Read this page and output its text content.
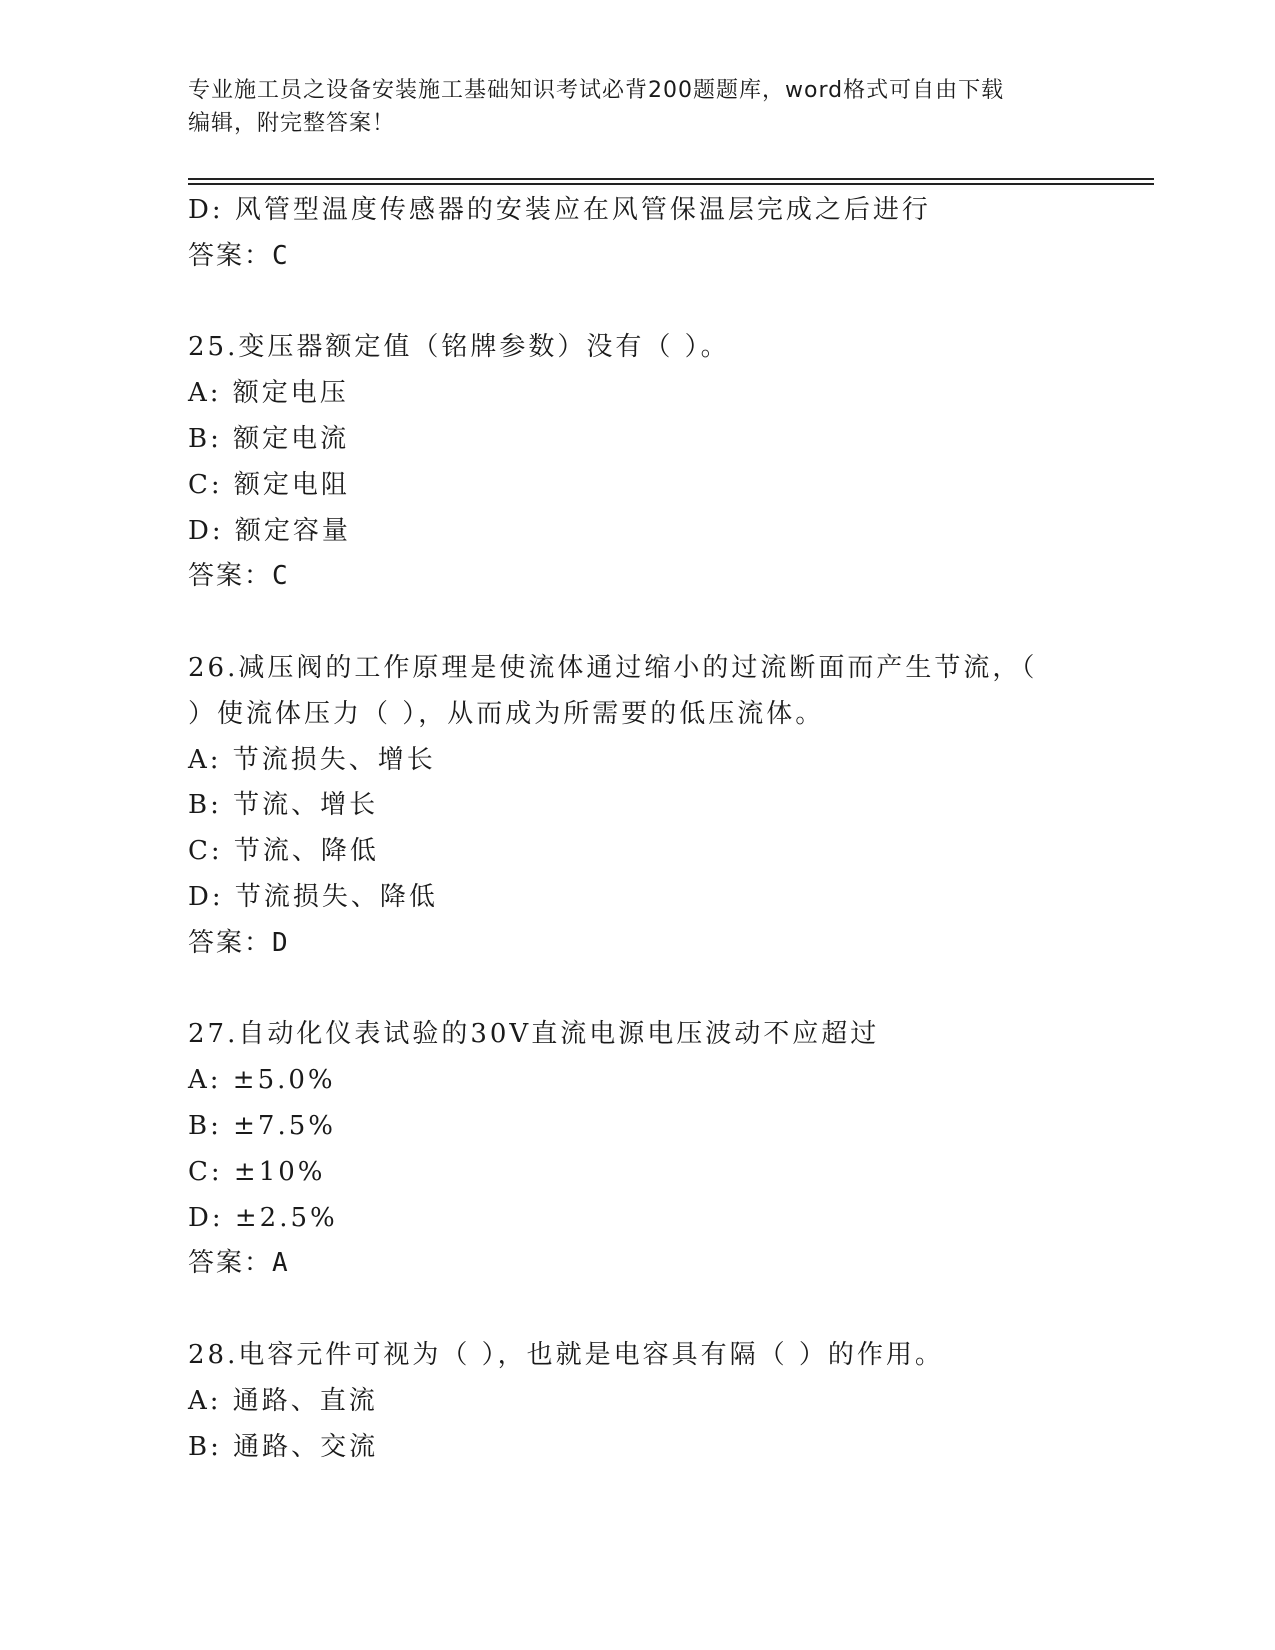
专业施工员之设备安装施工基础知识考试必背200题题库，word格式可自由下载
编辑，附完整答案！
D: 风管型温度传感器的安装应在风管保温层完成之后进行
答案：C
25.变压器额定值（铭牌参数）没有（ ）。
A: 额定电压
B: 额定电流
C: 额定电阻
D: 额定容量
答案：C
26.减压阀的工作原理是使流体通过缩小的过流断面而产生节流，（
）使流体压力（ ），从而成为所需要的低压流体。
A: 节流损失、增长
B: 节流、增长
C: 节流、降低
D: 节流损失、降低
答案：D
27.自动化仪表试验的30V直流电源电压波动不应超过
A: ±5.0%
B: ±7.5%
C: ±10%
D: ±2.5%
答案：A
28.电容元件可视为（ ），也就是电容具有隔（ ）的作用。
A: 通路、直流
B: 通路、交流
